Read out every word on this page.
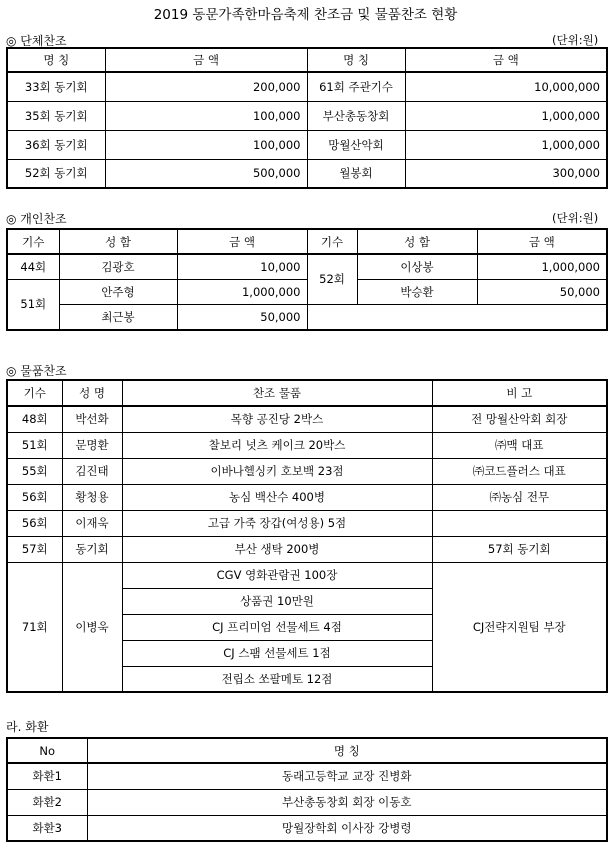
2019 동문가족한마음축제 찬조금 및 물품찬조 현황
◎ 단체찬조	(단위:원)
명 칭	금 액	명 칭	금 액
33회 동기회	200,000	61회 주관기수	10,000,000
35회 동기회	100,000	부산총동창회	1,000,000
36회 동기회	100,000	망월산악회	1,000,000
52회 동기회	500,000	월봉회	300,000
◎ 개인찬조	(단위:원)
기수	성 함	금 액	기수	성 함	금 액
44회	김광호	10,000	52회	이상봉	1,000,000
51회	안주형	1,000,000		박승환	50,000
	최근봉	50,000			
◎ 물품찬조
기수	성 명	찬조 물품	비 고
48회	박선화	목향 공진당 2박스	전 망월산악회 회장
51회	문명환	찰보리 넛츠 케이크 20박스	㈜맥 대표
55회	김진태	이바나헬싱키 호보백 23점	㈜코드플러스 대표
56회	황청용	농심 백산수 400병	㈜농심 전무
56회	이재욱	고급 가죽 장갑(여성용) 5점	
57회	동기회	부산 생탁 200병	57회 동기회
71회	이병욱	CGV 영화관람권 100장	CJ전략지원팀 부장
		상품권 10만원	
		CJ 프리미엄 선물세트 4점	
		CJ 스팸 선물세트 1점	
		전립소 쏘팔메토 12점	
라. 화환
No	명 칭
화환1	동래고등학교 교장 진병화
화환2	부산총동창회 회장 이동호
화환3	망월장학회 이사장 강병령
